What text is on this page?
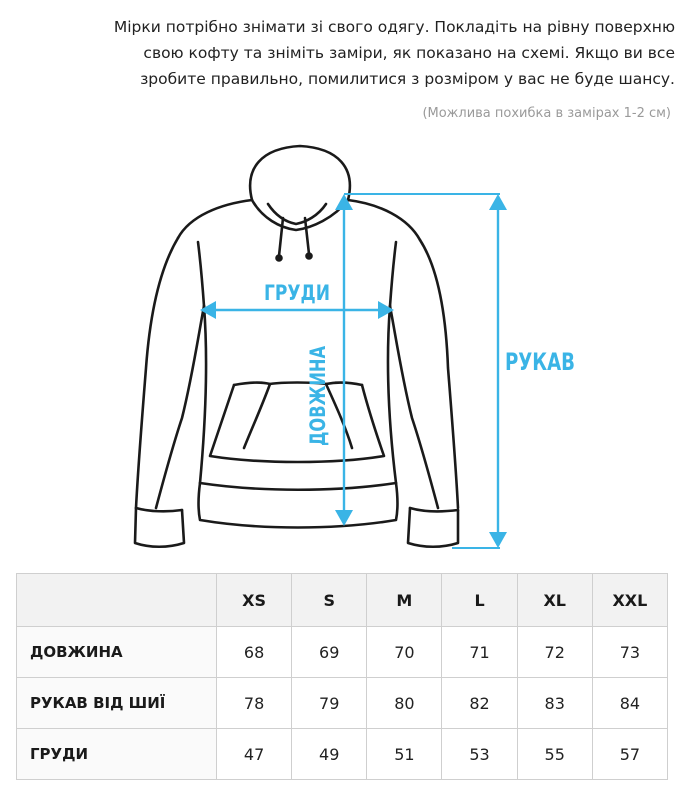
Мірки потрібно знімати зі свого одягу. Покладіть на рівну поверхню
свою кофту та зніміть заміри, як показано на схемі. Якщо ви все
зробите правильно, помилитися з розміром у вас не буде шансу.
(Можлива похибка в замірах 1-2 см)
ГРУДИ
ДОВЖИНА	РУКАВ
	XS	S	M	L	XL	XXL
ДОВЖИНА	68	69	70	71	72	73
РУКАВ ВІД ШИЇ	78	79	80	82	83	84
ГРУДИ	47	49	51	53	55	57
